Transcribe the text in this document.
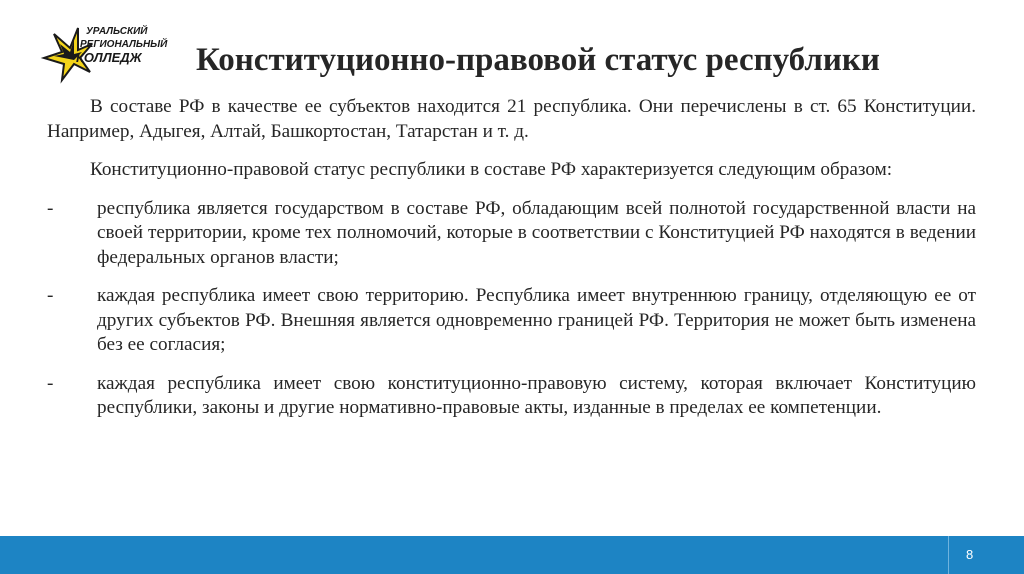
УРАЛЬСКИЙ
РЕГИОНАЛЬНЫЙ
КОЛЛЕДЖ Конституционно-правовой статус республики

В составе РФ в качестве ее субъектов находится 21 республика. Они перечислены в ст. 65 Конституции. Например, Адыгея, Алтай, Башкортостан, Татарстан и т. д.

Конституционно-правовой статус республики в составе РФ характеризуется следующим образом:

-	республика является государством в составе РФ, обладающим всей полнотой государственной власти на своей территории, кроме тех полномочий, которые в соответствии с Конституцией РФ находятся в ведении федеральных органов власти;
-	каждая республика имеет свою территорию. Республика имеет внутреннюю границу, отделяющую ее от других субъектов РФ. Внешняя является одновременно границей РФ. Территория не может быть изменена без ее согласия;
-	каждая республика имеет свою конституционно-правовую систему, которая включает Конституцию республики, законы и другие нормативно-правовые акты, изданные в пределах ее компетенции.
8
